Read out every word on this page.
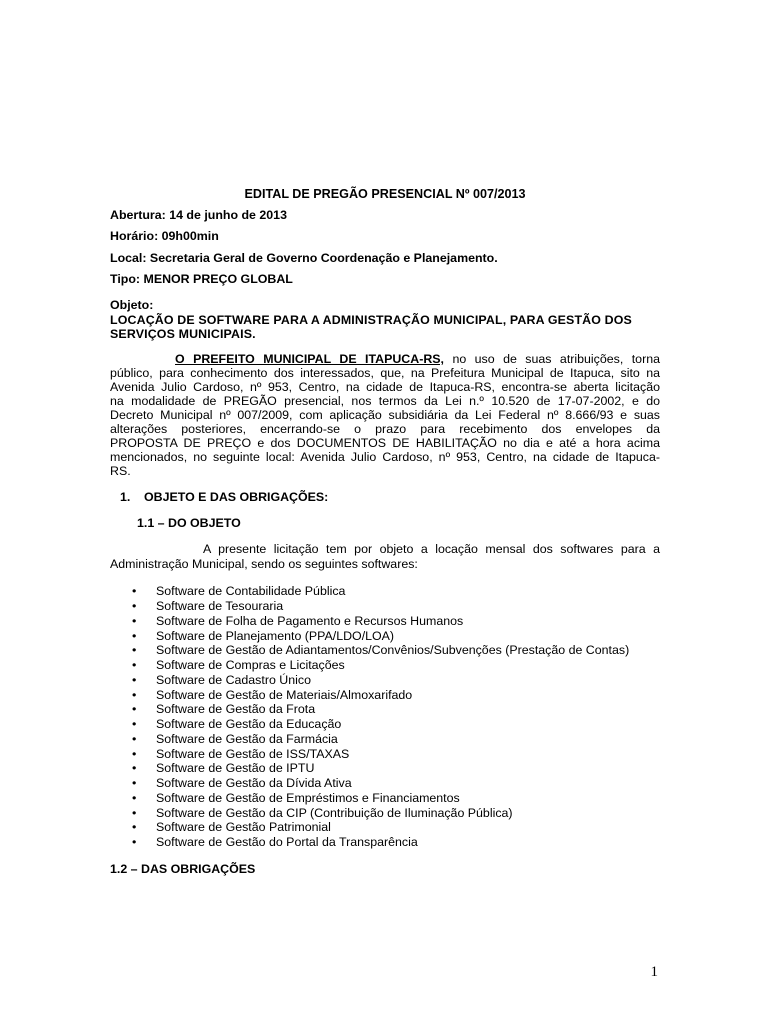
EDITAL DE PREGÃO PRESENCIAL Nº 007/2013
Abertura: 14 de junho de 2013
Horário: 09h00min
Local: Secretaria Geral de Governo Coordenação e Planejamento.
Tipo: MENOR PREÇO GLOBAL
Objeto:
LOCAÇÃO DE SOFTWARE PARA A ADMINISTRAÇÃO MUNICIPAL, PARA GESTÃO DOS SERVIÇOS MUNICIPAIS.
O PREFEITO MUNICIPAL DE ITAPUCA-RS, no uso de suas atribuições, torna
público, para conhecimento dos interessados, que, na Prefeitura Municipal de Itapuca, sito na
Avenida Julio Cardoso, nº 953, Centro, na cidade de Itapuca-RS, encontra-se aberta licitação
na modalidade de PREGÃO presencial, nos termos da Lei n.º 10.520 de 17-07-2002, e do
Decreto Municipal nº 007/2009, com aplicação subsidiária da Lei Federal nº 8.666/93 e suas
alterações posteriores, encerrando-se o prazo para recebimento dos envelopes da
PROPOSTA DE PREÇO e dos DOCUMENTOS DE HABILITAÇÃO no dia e até a hora acima
mencionados, no seguinte local: Avenida Julio Cardoso, nº 953, Centro, na cidade de Itapuca-
RS.
1. OBJETO E DAS OBRIGAÇÕES:
1.1 – DO OBJETO
A presente licitação tem por objeto a locação mensal dos softwares para a
Administração Municipal, sendo os seguintes softwares:
• Software de Contabilidade Pública
• Software de Tesouraria
• Software de Folha de Pagamento e Recursos Humanos
• Software de Planejamento (PPA/LDO/LOA)
• Software de Gestão de Adiantamentos/Convênios/Subvenções (Prestação de Contas)
• Software de Compras e Licitações
• Software de Cadastro Único
• Software de Gestão de Materiais/Almoxarifado
• Software de Gestão da Frota
• Software de Gestão da Educação
• Software de Gestão da Farmácia
• Software de Gestão de ISS/TAXAS
• Software de Gestão de IPTU
• Software de Gestão da Dívida Ativa
• Software de Gestão de Empréstimos e Financiamentos
• Software de Gestão da CIP (Contribuição de Iluminação Pública)
• Software de Gestão Patrimonial
• Software de Gestão do Portal da Transparência
1.2 – DAS OBRIGAÇÕES
1
